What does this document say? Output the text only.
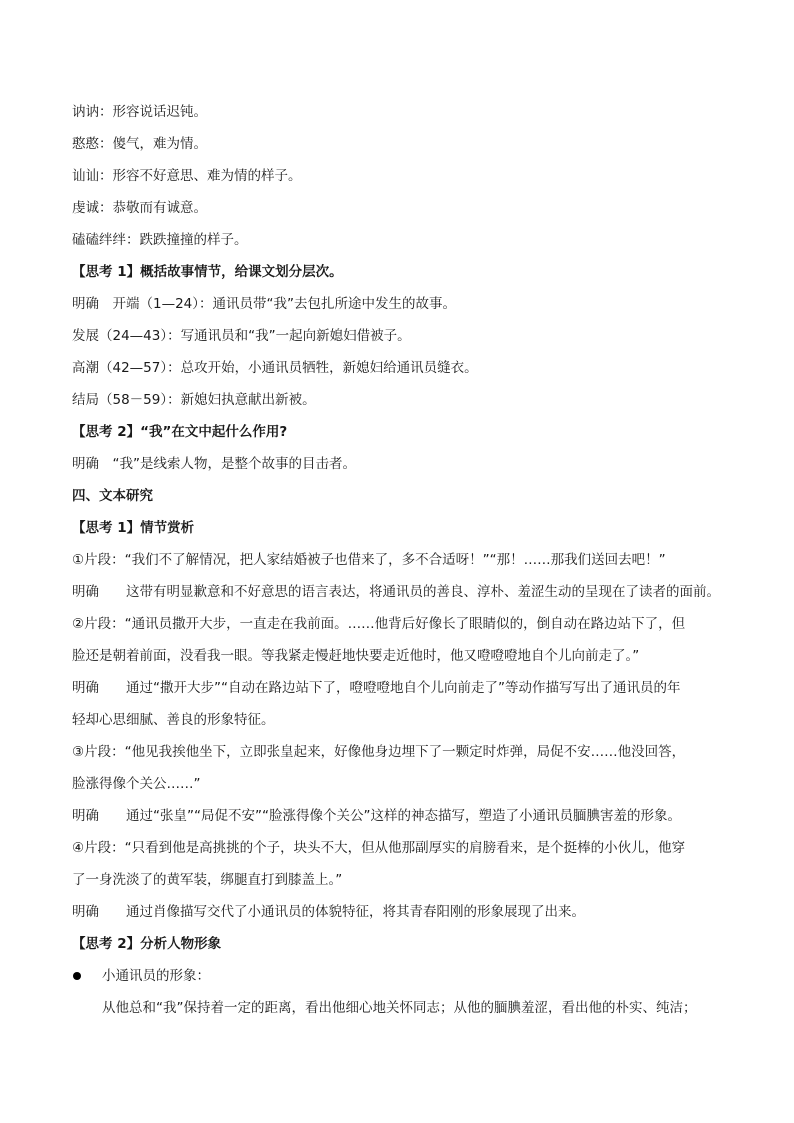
讷讷：形容说话迟钝。
憨憨：傻气，难为情。
讪讪：形容不好意思、难为情的样子。
虔诚：恭敬而有诚意。
磕磕绊绊：跌跌撞撞的样子。
【思考 1】概括故事情节，给课文划分层次。
明确　开端（1—24）：通讯员带“我”去包扎所途中发生的故事。
发展（24—43）：写通讯员和“我”一起向新媳妇借被子。
高潮（42—57）：总攻开始，小通讯员牺牲，新媳妇给通讯员缝衣。
结局（58－59）：新媳妇执意献出新被。
【思考 2】“我”在文中起什么作用?
明确　“我”是线索人物，是整个故事的目击者。
四、文本研究
【思考 1】情节赏析
①片段：“我们不了解情况，把人家结婚被子也借来了，多不合适呀！”“那！……那我们送回去吧！”
明确　　这带有明显歉意和不好意思的语言表达，将通讯员的善良、淳朴、羞涩生动的呈现在了读者的面前。
②片段：“通讯员撒开大步，一直走在我前面。……他背后好像长了眼睛似的，倒自动在路边站下了，但
脸还是朝着前面，没看我一眼。等我紧走慢赶地快要走近他时，他又噔噔噔地自个儿向前走了。”
明确　　通过“撒开大步”“自动在路边站下了，噔噔噔地自个儿向前走了”等动作描写写出了通讯员的年
轻却心思细腻、善良的形象特征。
③片段：“他见我挨他坐下，立即张皇起来，好像他身边埋下了一颗定时炸弹，局促不安……他没回答，
脸涨得像个关公……”
明确　　通过“张皇”“局促不安”“脸涨得像个关公”这样的神态描写，塑造了小通讯员腼腆害羞的形象。
④片段：“只看到他是高挑挑的个子，块头不大，但从他那副厚实的肩膀看来，是个挺棒的小伙儿，他穿
了一身洗淡了的黄军装，绑腿直打到膝盖上。”
明确　　通过肖像描写交代了小通讯员的体貌特征，将其青春阳刚的形象展现了出来。
【思考 2】分析人物形象
小通讯员的形象：
从他总和“我”保持着一定的距离，看出他细心地关怀同志；从他的腼腆羞涩，看出他的朴实、纯洁；
